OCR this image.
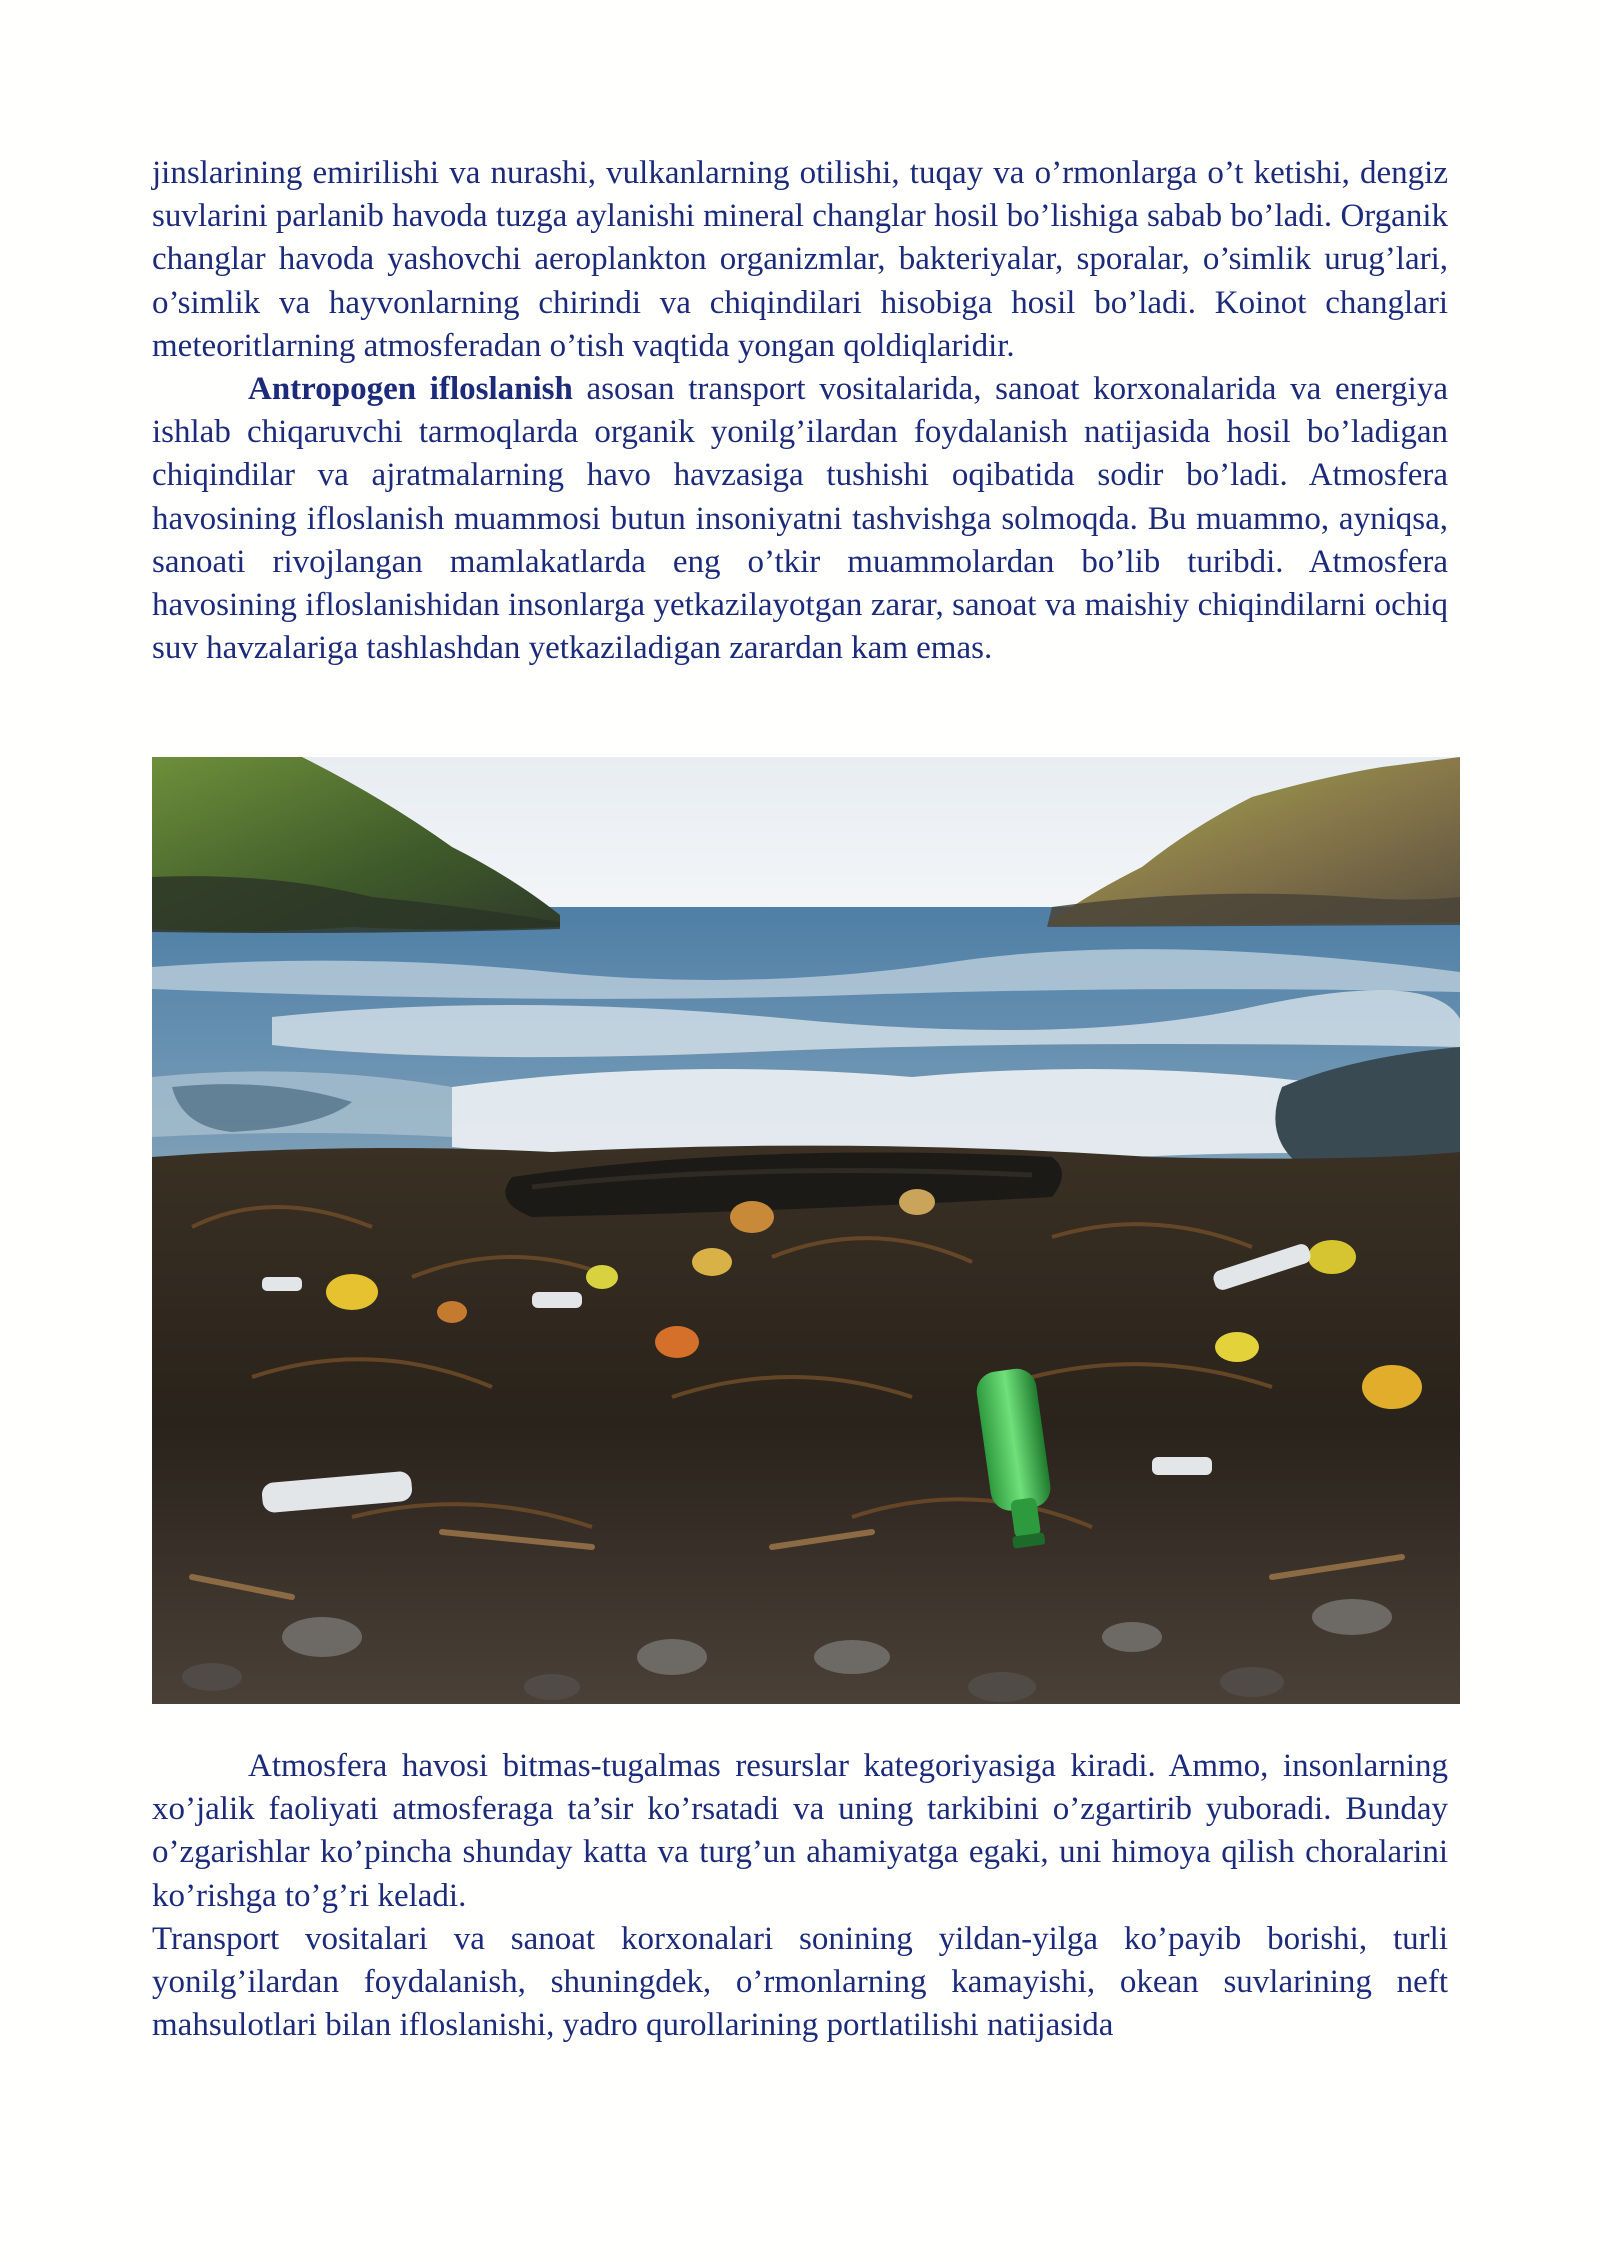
jinslarining emirilishi va nurashi, vulkanlarning otilishi, tuqay va o’rmonlarga o’t ketishi, dengiz suvlarini parlanib havoda tuzga aylanishi mineral changlar hosil bo’lishiga sabab bo’ladi. Organik changlar havoda yashovchi aeroplankton organizmlar, bakteriyalar, sporalar, o’simlik urug’lari, o’simlik va hayvonlarning chirindi va chiqindilari hisobiga hosil bo’ladi. Koinot changlari meteoritlarning atmosferadan o’tish vaqtida yongan qoldiqlaridir.

Antropogen ifloslanish asosan transport vositalarida, sanoat korxonalarida va energiya ishlab chiqaruvchi tarmoqlarda organik yonilg’ilardan foydalanish natijasida hosil bo’ladigan chiqindilar va ajratmalarning havo havzasiga tushishi oqibatida sodir bo’ladi. Atmosfera havosining ifloslanish muammosi butun insoniyatni tashvishga solmoqda. Bu muammo, ayniqsa, sanoati rivojlangan mamlakatlarda eng o’tkir muammolardan bo’lib turibdi. Atmosfera havosining ifloslanishidan insonlarga yetkazilayotgan zarar, sanoat va maishiy chiqindilarni ochiq suv havzalariga tashlashdan yetkaziladigan zarardan kam emas.

Atmosfera havosi bitmas-tugalmas resurslar kategoriyasiga kiradi. Ammo, insonlarning xo’jalik faoliyati atmosferaga ta’sir ko’rsatadi va uning tarkibini o’zgartirib yuboradi. Bunday o’zgarishlar ko’pincha shunday katta va turg’un ahamiyatga egaki, uni himoya qilish choralarini ko’rishga to’g’ri keladi.

Transport vositalari va sanoat korxonalari sonining yildan-yilga ko’payib borishi, turli yonilg’ilardan foydalanish, shuningdek, o’rmonlarning kamayishi, okean suvlarining neft mahsulotlari bilan ifloslanishi, yadro qurollarining portlatilishi natijasida
